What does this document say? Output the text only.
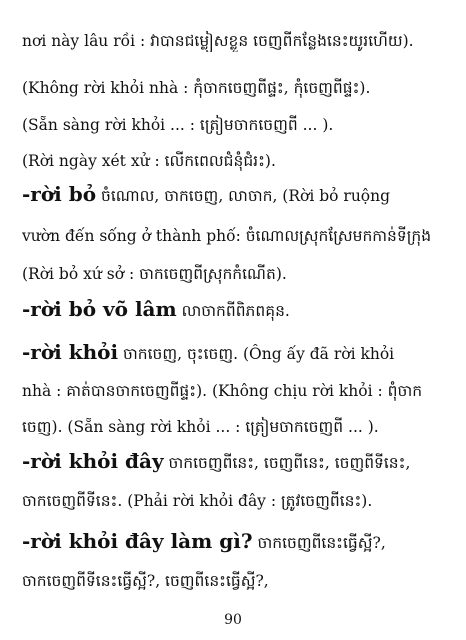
nơi này lâu rồi : វាបានជម្លៀសខ្លួន ចេញពីកន្លែងនេះយូរហើយ).
(Không rời khỏi nhà : កុំចាកចេញពីផ្ទះ, កុំចេញពីផ្ទះ).
(Sẵn sàng rời khỏi ... : ត្រៀមចាកចេញពី ... ).
(Rời ngày xét xử : លើកពេលជំនុំជំរះ).
-rời bỏ ចំណោល, ចាកចេញ, លាចាក, (Rời bỏ ruộng
vườn đến sống ở thành phố: ចំណោលស្រុកស្រែមកកាន់ទីក្រុង
(Rời bỏ xứ sở : ចាកចេញពីស្រុកកំណើត).
-rời bỏ võ lâm លាចាកពីពិភពគុន.
-rời khỏi ចាកចេញ, ចុះចេញ. (Ông ấy đã rời khỏi
nhà : គាត់បានចាកចេញពីផ្ទះ). (Không chịu rời khỏi : ពុំចាក
ចេញ). (Sẵn sàng rời khỏi ... : ត្រៀមចាកចេញពី ... ).
-rời khỏi đây ចាកចេញពីនេះ, ចេញពីនេះ, ចេញពីទីនេះ,
ចាកចេញពីទីនេះ. (Phải rời khỏi đây : ត្រូវចេញពីនេះ).
-rời khỏi đây làm gì? ចាកចេញពីនេះធ្វើស្អី?,
ចាកចេញពីទីនេះធ្វើស្អី?, ចេញពីនេះធ្វើស្អី?,
90
